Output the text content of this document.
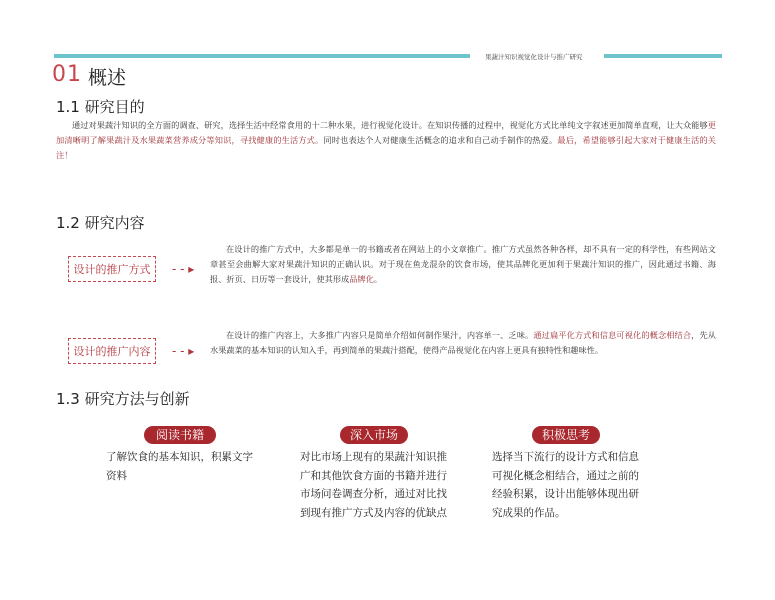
果蔬汁知识视觉化设计与推广研究
01 概述
1.1 研究目的
通过对果蔬汁知识的全方面的调查、研究，选择生活中经常食用的十二种水果，进行视觉化设计。在知识传播的过程中，视觉化方式比单纯文字叙述更加简单直观，让大众能够更加清晰明了解果蔬汁及水果蔬菜营养成分等知识，寻找健康的生活方式。同时也表达个人对健康生活概念的追求和自己动手制作的热爱。最后，希望能够引起大家对于健康生活的关注！
1.2 研究内容
设计的推广方式	- - ▸
在设计的推广方式中，大多都是单一的书籍或者在网站上的小文章推广。推广方式虽然各种各样，却不具有一定的科学性，有些网站文章甚至会曲解大家对果蔬汁知识的正确认识。对于现在鱼龙混杂的饮食市场，使其品牌化更加利于果蔬汁知识的推广，因此通过书籍、海报、折页、日历等一套设计，使其形成品牌化。
设计的推广内容	- - ▸
在设计的推广内容上，大多推广内容只是简单介绍如何制作果汁，内容单一、乏味。通过扁平化方式和信息可视化的概念相结合，先从水果蔬菜的基本知识的认知入手，再到简单的果蔬汁搭配，使得产品视觉化在内容上更具有独特性和趣味性。
1.3 研究方法与创新
阅读书籍
了解饮食的基本知识，积累文字资料
深入市场
对比市场上现有的果蔬汁知识推广和其他饮食方面的书籍并进行市场问卷调查分析，通过对比找到现有推广方式及内容的优缺点
积极思考
选择当下流行的设计方式和信息可视化概念相结合，通过之前的经验积累，设计出能够体现出研究成果的作品。
